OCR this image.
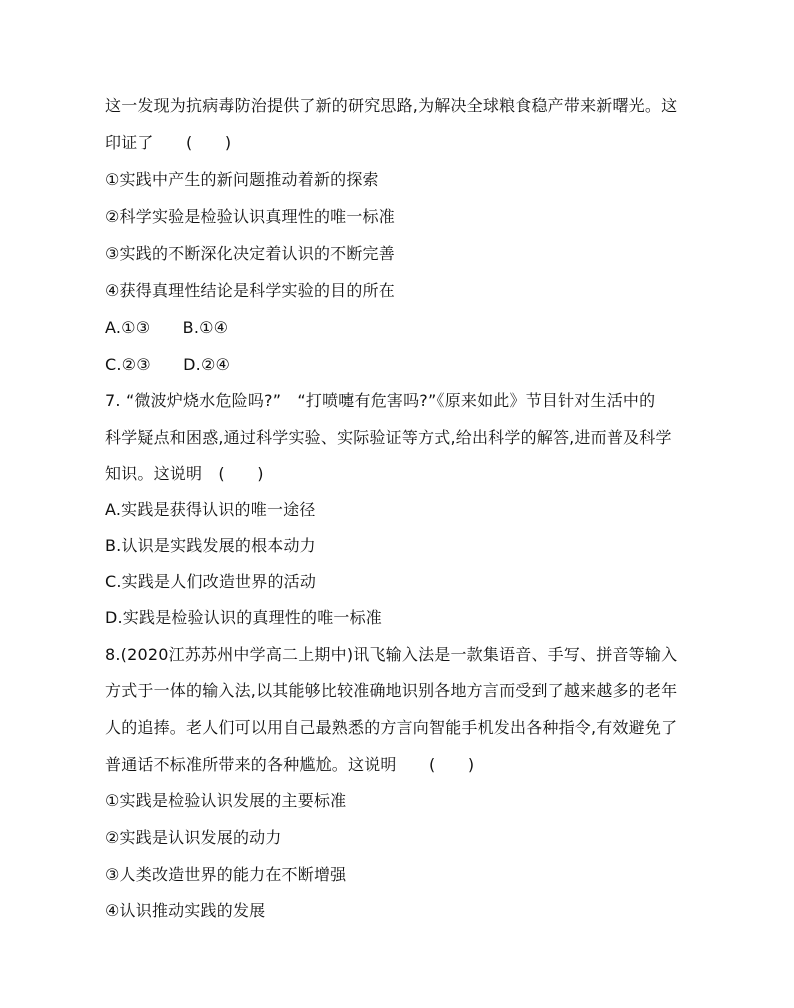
这一发现为抗病毒防治提供了新的研究思路,为解决全球粮食稳产带来新曙光。这
印证了　　(　　)
①实践中产生的新问题推动着新的探索
②科学实验是检验认识真理性的唯一标准
③实践的不断深化决定着认识的不断完善
④获得真理性结论是科学实验的目的所在
A.①③　　B.①④
C.②③　　D.②④
7. “微波炉烧水危险吗?”　“打喷嚏有危害吗?”《原来如此》节目针对生活中的
科学疑点和困惑,通过科学实验、实际验证等方式,给出科学的解答,进而普及科学
知识。这说明　(　　)
A.实践是获得认识的唯一途径
B.认识是实践发展的根本动力
C.实践是人们改造世界的活动
D.实践是检验认识的真理性的唯一标准
8.(2020江苏苏州中学高二上期中)讯飞输入法是一款集语音、手写、拼音等输入
方式于一体的输入法,以其能够比较准确地识别各地方言而受到了越来越多的老年
人的追捧。老人们可以用自己最熟悉的方言向智能手机发出各种指令,有效避免了
普通话不标准所带来的各种尴尬。这说明　　(　　)
①实践是检验认识发展的主要标准
②实践是认识发展的动力
③人类改造世界的能力在不断增强
④认识推动实践的发展
